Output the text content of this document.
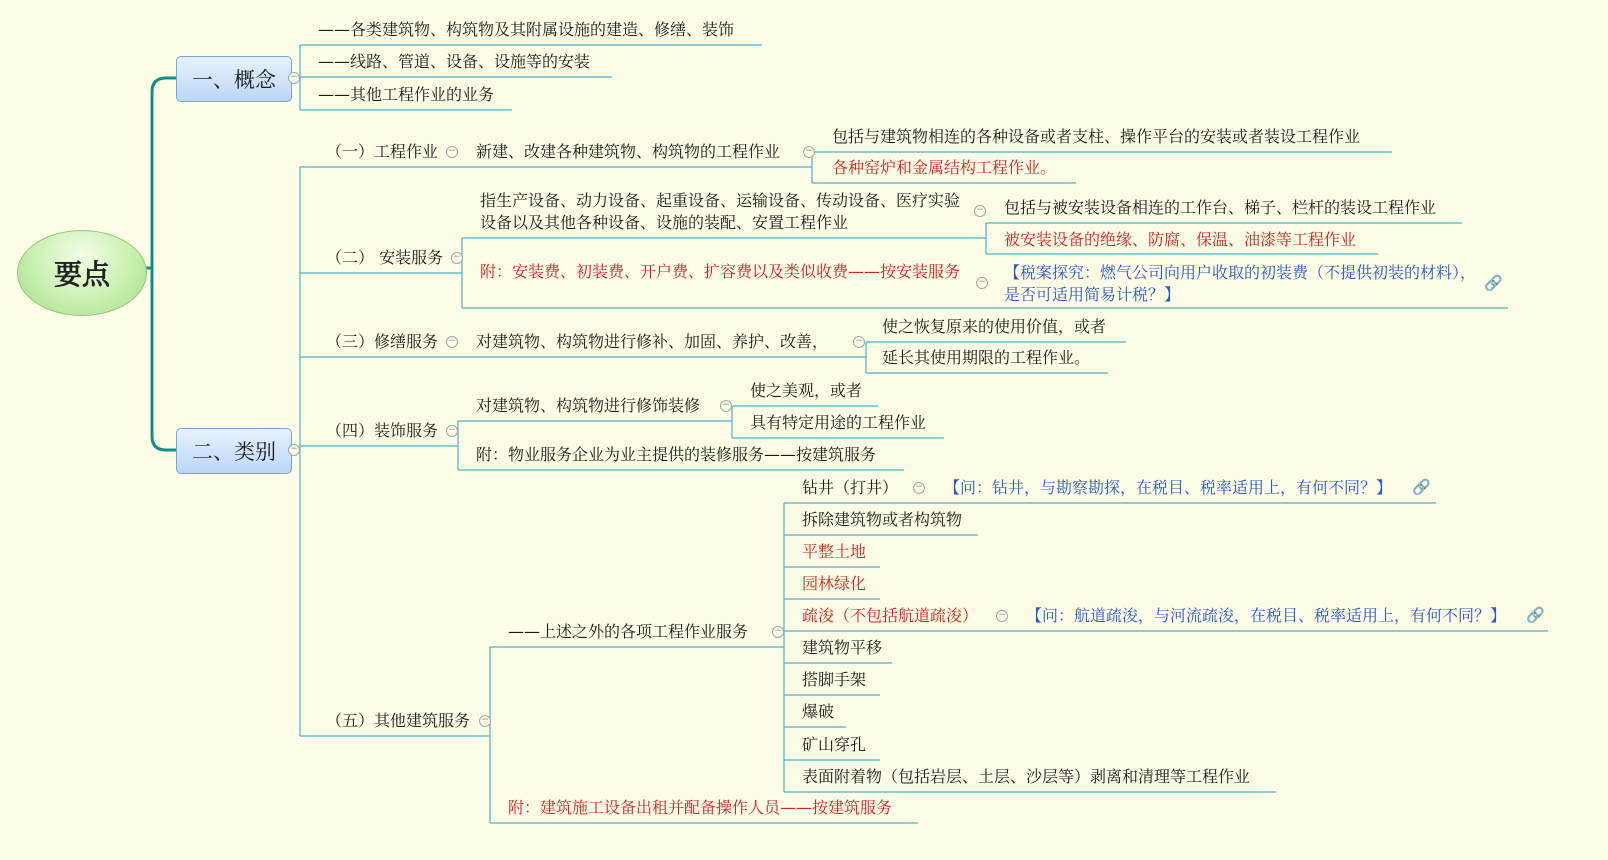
要点
一、概念	−
——各类建筑物、构筑物及其附属设施的建造、修缮、装饰
——线路、管道、设备、设施等的安装
——其他工程作业的业务
二、类别	−
（一）工程作业 − 新建、改建各种建筑物、构筑物的工程作业	−
包括与建筑物相连的各种设备或者支柱、操作平台的安装或者装设工程作业
各种窑炉和金属结构工程作业。
（二） 安装服务 −
指生产设备、动力设备、起重设备、运输设备、传动设备、医疗实验设备以及其他各种设备、设施的装配、安置工程作业
− 包括与被安装设备相连的工作台、梯子、栏杆的装设工程作业
被安装设备的绝缘、防腐、保温、油漆等工程作业
附：安装费、初装费、开户费、扩容费以及类似收费——按安装服务
− 【税案探究：燃气公司向用户收取的初装费（不提供初装的材料），是否可适用简易计税？】
🔗
（三）修缮服务 − 对建筑物、构筑物进行修补、加固、养护、改善，	−
使之恢复原来的使用价值，或者
延长其使用期限的工程作业。
（四）装饰服务 −
对建筑物、构筑物进行修饰装修 −
使之美观，或者
具有特定用途的工程作业
附：物业服务企业为业主提供的装修服务——按建筑服务
（五）其他建筑服务 −
——上述之外的各项工程作业服务	−
附：建筑施工设备出租并配备操作人员——按建筑服务
钻井（打井） − 【问：钻井，与勘察勘探，在税目、税率适用上，有何不同？】 🔗
拆除建筑物或者构筑物
平整土地
园林绿化
疏浚（不包括航道疏浚） − 【问：航道疏浚，与河流疏浚，在税目、税率适用上，有何不同？】 🔗
建筑物平移
搭脚手架
爆破
矿山穿孔
表面附着物（包括岩层、土层、沙层等）剥离和清理等工程作业
